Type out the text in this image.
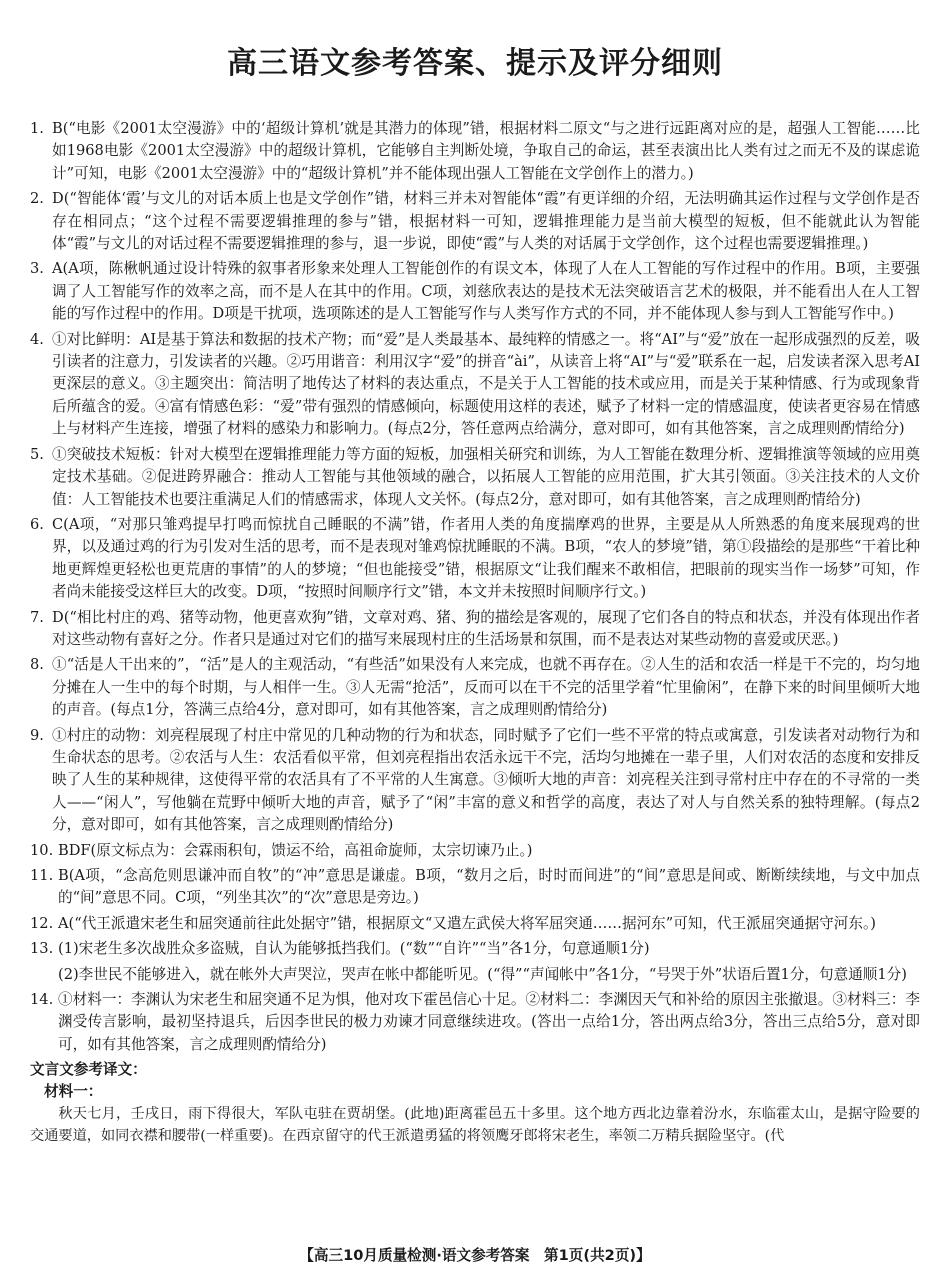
高三语文参考答案、提示及评分细则
1. B(“电影《2001太空漫游》中的‘超级计算机’就是其潜力的体现”错，根据材料二原文“与之进行远距离对应的是，超强人工智能……比如1968电影《2001太空漫游》中的超级计算机，它能够自主判断处境，争取自己的命运，甚至表演出比人类有过之而无不及的谋虑诡计”可知，电影《2001太空漫游》中的“超级计算机”并不能体现出强人工智能在文学创作上的潜力。)
2. D(“智能体‘霞’与文儿的对话本质上也是文学创作”错，材料三并未对智能体“霞”有更详细的介绍，无法明确其运作过程与文学创作是否存在相同点；“这个过程不需要逻辑推理的参与”错，根据材料一可知，逻辑推理能力是当前大模型的短板，但不能就此认为智能体“霞”与文儿的对话过程不需要逻辑推理的参与，退一步说，即使“霞”与人类的对话属于文学创作，这个过程也需要逻辑推理。)
3. A(A项，陈楸帆通过设计特殊的叙事者形象来处理人工智能创作的有误文本，体现了人在人工智能的写作过程中的作用。B项，主要强调了人工智能写作的效率之高，而不是人在其中的作用。C项，刘慈欣表达的是技术无法突破语言艺术的极限，并不能看出人在人工智能的写作过程中的作用。D项是干扰项，选项陈述的是人工智能写作与人类写作方式的不同，并不能体现人参与到人工智能写作中。)
4. ①对比鲜明：AI是基于算法和数据的技术产物；而“爱”是人类最基本、最纯粹的情感之一。将“AI”与“爱”放在一起形成强烈的反差，吸引读者的注意力，引发读者的兴趣。②巧用谐音：利用汉字“爱”的拼音“ài”，从读音上将“AI”与“爱”联系在一起，启发读者深入思考AI更深层的意义。③主题突出：简洁明了地传达了材料的表达重点，不是关于人工智能的技术或应用，而是关于某种情感、行为或现象背后所蕴含的爱。④富有情感色彩：“爱”带有强烈的情感倾向，标题使用这样的表述，赋予了材料一定的情感温度，使读者更容易在情感上与材料产生连接，增强了材料的感染力和影响力。(每点2分，答任意两点给满分，意对即可，如有其他答案，言之成理则酌情给分)
5. ①突破技术短板：针对大模型在逻辑推理能力等方面的短板，加强相关研究和训练，为人工智能在数理分析、逻辑推演等领域的应用奠定技术基础。②促进跨界融合：推动人工智能与其他领域的融合，以拓展人工智能的应用范围，扩大其引领面。③关注技术的人文价值：人工智能技术也要注重满足人们的情感需求，体现人文关怀。(每点2分，意对即可，如有其他答案，言之成理则酌情给分)
6. C(A项，“对那只雏鸡提早打鸣而惊扰自己睡眠的不满”错，作者用人类的角度揣摩鸡的世界，主要是从人所熟悉的角度来展现鸡的世界，以及通过鸡的行为引发对生活的思考，而不是表现对雏鸡惊扰睡眠的不满。B项，“农人的梦境”错，第①段描绘的是那些“干着比种地更辉煌更轻松也更荒唐的事情”的人的梦境；“但也能接受”错，根据原文“让我们醒来不敢相信，把眼前的现实当作一场梦”可知，作者尚未能接受这样巨大的改变。D项，“按照时间顺序行文”错，本文并未按照时间顺序行文。)
7. D(“相比村庄的鸡、猪等动物，他更喜欢狗”错，文章对鸡、猪、狗的描绘是客观的，展现了它们各自的特点和状态，并没有体现出作者对这些动物有喜好之分。作者只是通过对它们的描写来展现村庄的生活场景和氛围，而不是表达对某些动物的喜爱或厌恶。)
8. ①“活是人干出来的”，“活”是人的主观活动，“有些活”如果没有人来完成，也就不再存在。②人生的活和农活一样是干不完的，均匀地分摊在人一生中的每个时期，与人相伴一生。③人无需“抢活”，反而可以在干不完的活里学着“忙里偷闲”，在静下来的时间里倾听大地的声音。(每点1分，答满三点给4分，意对即可，如有其他答案，言之成理则酌情给分)
9. ①村庄的动物：刘亮程展现了村庄中常见的几种动物的行为和状态，同时赋予了它们一些不平常的特点或寓意，引发读者对动物行为和生命状态的思考。②农活与人生：农活看似平常，但刘亮程指出农活永远干不完，活均匀地摊在一辈子里，人们对农活的态度和安排反映了人生的某种规律，这使得平常的农活具有了不平常的人生寓意。③倾听大地的声音：刘亮程关注到寻常村庄中存在的不寻常的一类人——“闲人”，写他躺在荒野中倾听大地的声音，赋予了“闲”丰富的意义和哲学的高度，表达了对人与自然关系的独特理解。(每点2分，意对即可，如有其他答案，言之成理则酌情给分)
10. BDF(原文标点为：会霖雨积旬，馈运不给，高祖命旋师，太宗切谏乃止。)
11. B(A项，“念高危则思谦冲而自牧”的“冲”意思是谦虚。B项，“数月之后，时时而间进”的“间”意思是间或、断断续续地，与文中加点的“间”意思不同。C项，“列坐其次”的“次”意思是旁边。)
12. A(“代王派遣宋老生和屈突通前往此处据守”错，根据原文“又遣左武侯大将军屈突通……据河东”可知，代王派屈突通据守河东。)
13. (1)宋老生多次战胜众多盗贼，自认为能够抵挡我们。(“数”“自许”“当”各1分，句意通顺1分)
(2)李世民不能够进入，就在帐外大声哭泣，哭声在帐中都能听见。(“得”“声闻帐中”各1分，“号哭于外”状语后置1分，句意通顺1分)
14. ①材料一：李渊认为宋老生和屈突通不足为惧，他对攻下霍邑信心十足。②材料二：李渊因天气和补给的原因主张撤退。③材料三：李渊受传言影响，最初坚持退兵，后因李世民的极力劝谏才同意继续进攻。(答出一点给1分，答出两点给3分，答出三点给5分，意对即可，如有其他答案，言之成理则酌情给分)
文言文参考译文：
材料一：
秋天七月，壬戌日，雨下得很大，军队屯驻在贾胡堡。(此地)距离霍邑五十多里。这个地方西北边靠着汾水，东临霍太山，是据守险要的交通要道，如同衣襟和腰带(一样重要)。在西京留守的代王派遣勇猛的将领鹰牙郎将宋老生，率领二万精兵据险坚守。(代
【高三10月质量检测·语文参考答案　第1页(共2页)】
